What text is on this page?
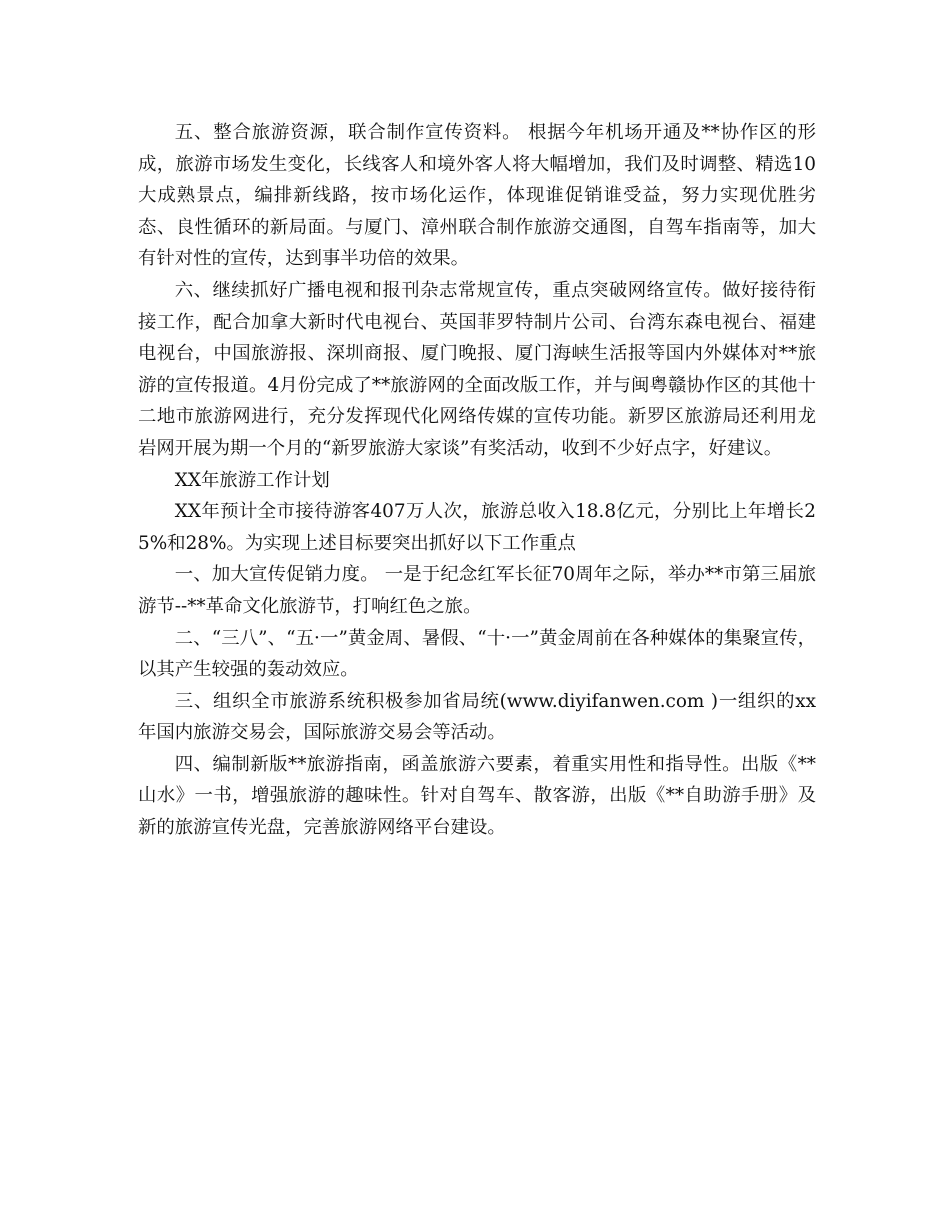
五、整合旅游资源，联合制作宣传资料。 根据今年机场开通及**协作区的形成，旅游市场发生变化，长线客人和境外客人将大幅增加，我们及时调整、精选10大成熟景点，编排新线路，按市场化运作，体现谁促销谁受益，努力实现优胜劣态、良性循环的新局面。与厦门、漳州联合制作旅游交通图，自驾车指南等，加大有针对性的宣传，达到事半功倍的效果。

六、继续抓好广播电视和报刊杂志常规宣传，重点突破网络宣传。做好接待衔接工作，配合加拿大新时代电视台、英国菲罗特制片公司、台湾东森电视台、福建电视台，中国旅游报、深圳商报、厦门晚报、厦门海峡生活报等国内外媒体对**旅游的宣传报道。4月份完成了**旅游网的全面改版工作，并与闽粤赣协作区的其他十二地市旅游网进行，充分发挥现代化网络传媒的宣传功能。新罗区旅游局还利用龙岩网开展为期一个月的“新罗旅游大家谈”有奖活动，收到不少好点字，好建议。

XX年旅游工作计划

XX年预计全市接待游客407万人次，旅游总收入18.8亿元，分别比上年增长25%和28%。为实现上述目标要突出抓好以下工作重点

一、加大宣传促销力度。 一是于纪念红军长征70周年之际，举办**市第三届旅游节--**革命文化旅游节，打响红色之旅。

二、“三八”、“五·一”黄金周、暑假、“十·一”黄金周前在各种媒体的集聚宣传，以其产生较强的轰动效应。

三、组织全市旅游系统积极参加省局统(www.diyifanwen.com )一组织的xx年国内旅游交易会，国际旅游交易会等活动。

四、编制新版**旅游指南，函盖旅游六要素，着重实用性和指导性。出版《**山水》一书，增强旅游的趣味性。针对自驾车、散客游，出版《**自助游手册》及新的旅游宣传光盘，完善旅游网络平台建设。
